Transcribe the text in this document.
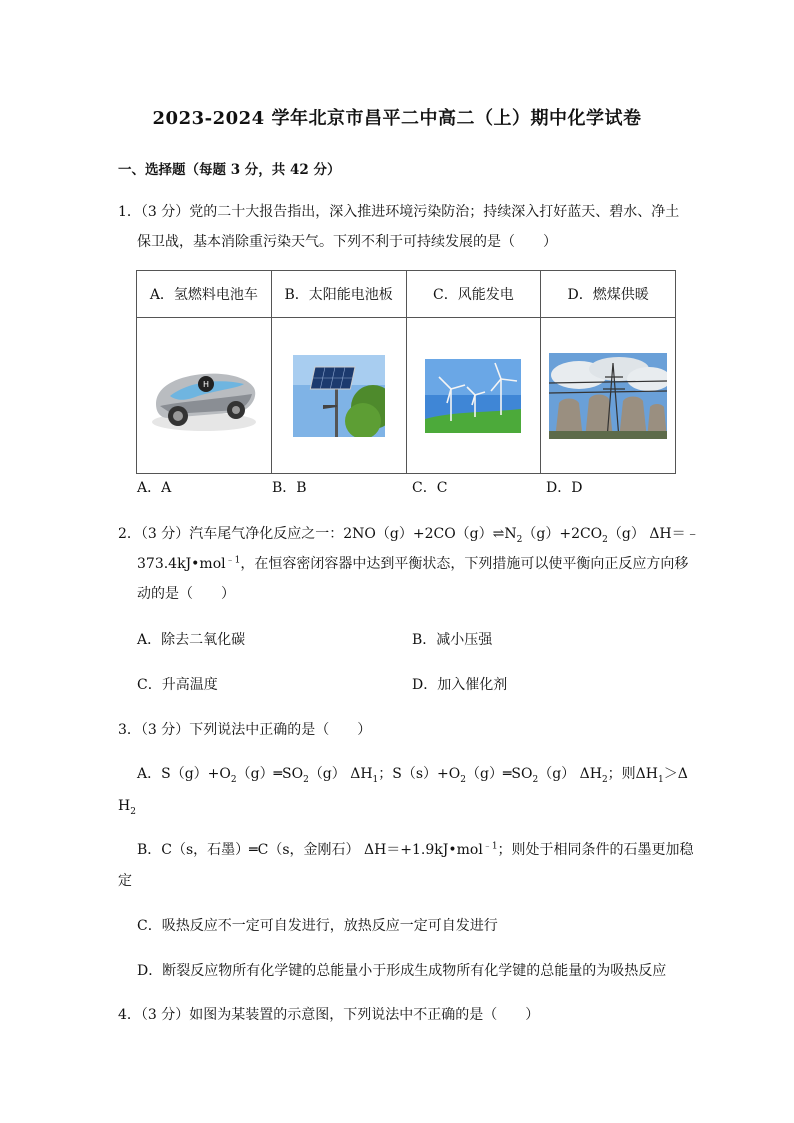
2023-2024 学年北京市昌平二中高二（上）期中化学试卷
一、选择题（每题 3 分，共 42 分）
1．（3 分）党的二十大报告指出，深入推进环境污染防治；持续深入打好蓝天、碧水、净土
保卫战，基本消除重污染天气。下列不利于可持续发展的是（　　）
A．氢燃料电池车	B．太阳能电池板	C．风能发电	D．燃煤供暖

H

A．A	B．B	C．C	D．D
2．（3 分）汽车尾气净化反应之一：$2NO(g)+2CO(g)\rightleftharpoons N_2(g)+2CO_2(g)$ ΔH＝﹣
373.4kJ•mol$^{﹣1}$，在恒容密闭容器中达到平衡状态，下列措施可以使平衡向正反应方向移
动的是（　　）
A．除去二氧化碳	B．减小压强
C．升高温度	D．加入催化剂
3．（3 分）下列说法中正确的是（　　）
A．$S(g)+O_2(g)═SO_2(g)$ $\Delta H_1$；$S(s)+O_2(g)═SO_2(g)$ $\Delta H_2$；则$\Delta H_1>\Delta$
$H_2$
B．C（s，石墨）═C（s，金刚石） ΔH＝+1.9kJ•mol$^{﹣1}$；则处于相同条件的石墨更加稳
定
C．吸热反应不一定可自发进行，放热反应一定可自发进行
D．断裂反应物所有化学键的总能量小于形成生成物所有化学键的总能量的为吸热反应
4．（3 分）如图为某装置的示意图，下列说法中不正确的是（　　）
